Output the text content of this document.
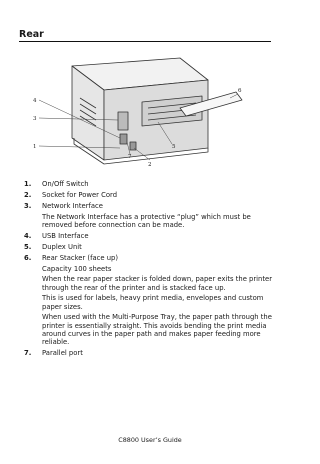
Rear
1
2
3
4
5
6
7
1. On/Off Switch
2. Socket for Power Cord
3. Network Interface
The Network Interface has a protective “plug” which must be removed before connection can be made.
4. USB Interface
5. Duplex Unit
6. Rear Stacker (face up)
Capacity 100 sheets
When the rear paper stacker is folded down, paper exits the printer through the rear of the printer and is stacked face up.
This is used for labels, heavy print media, envelopes and custom paper sizes.
When used with the Multi-Purpose Tray, the paper path through the printer is essentially straight. This avoids bending the print media around curves in the paper path and makes paper feeding more reliable.
7. Parallel port
C8800 User’s Guide
